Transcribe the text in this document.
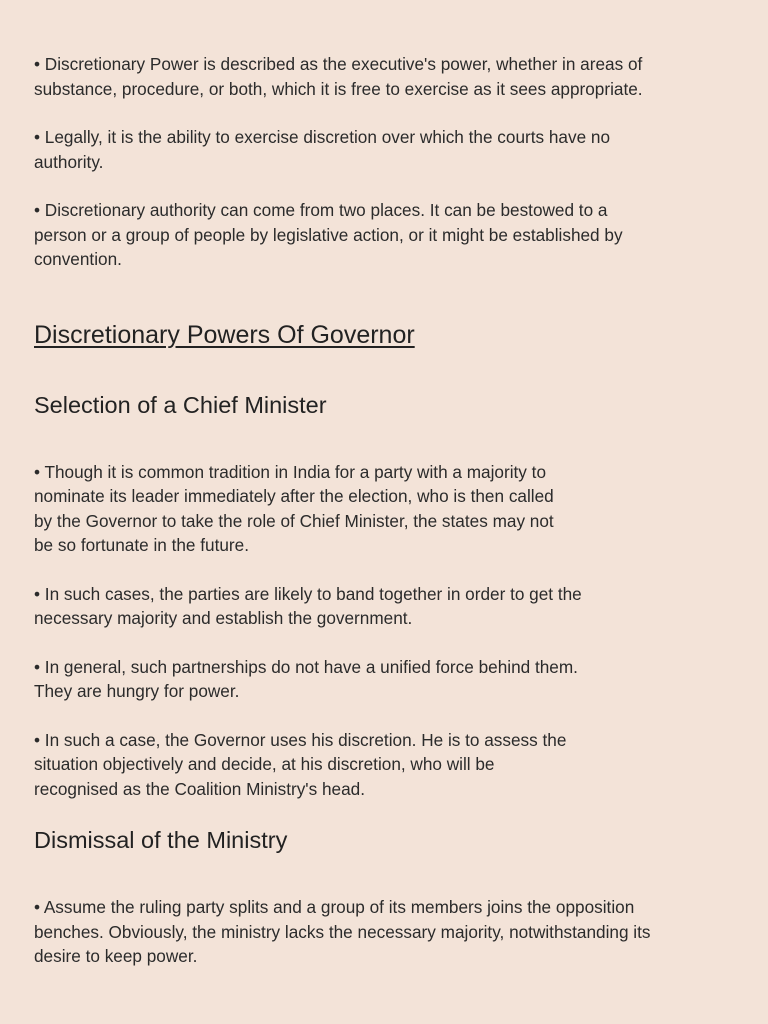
• Discretionary Power is described as the executive's power, whether in areas of
substance, procedure, or both, which it is free to exercise as it sees appropriate.

• Legally, it is the ability to exercise discretion over which the courts have no
authority.

• Discretionary authority can come from two places. It can be bestowed to a
person or a group of people by legislative action, or it might be established by
convention.

Discretionary Powers Of Governor
Selection of a Chief Minister

• Though it is common tradition in India for a party with a majority to
nominate its leader immediately after the election, who is then called
by the Governor to take the role of Chief Minister, the states may not
be so fortunate in the future.

• In such cases, the parties are likely to band together in order to get the
necessary majority and establish the government.

• In general, such partnerships do not have a unified force behind them.
They are hungry for power.

• In such a case, the Governor uses his discretion. He is to assess the
situation objectively and decide, at his discretion, who will be
recognised as the Coalition Ministry's head.

Dismissal of the Ministry

• Assume the ruling party splits and a group of its members joins the opposition
benches. Obviously, the ministry lacks the necessary majority, notwithstanding its
desire to keep power.
